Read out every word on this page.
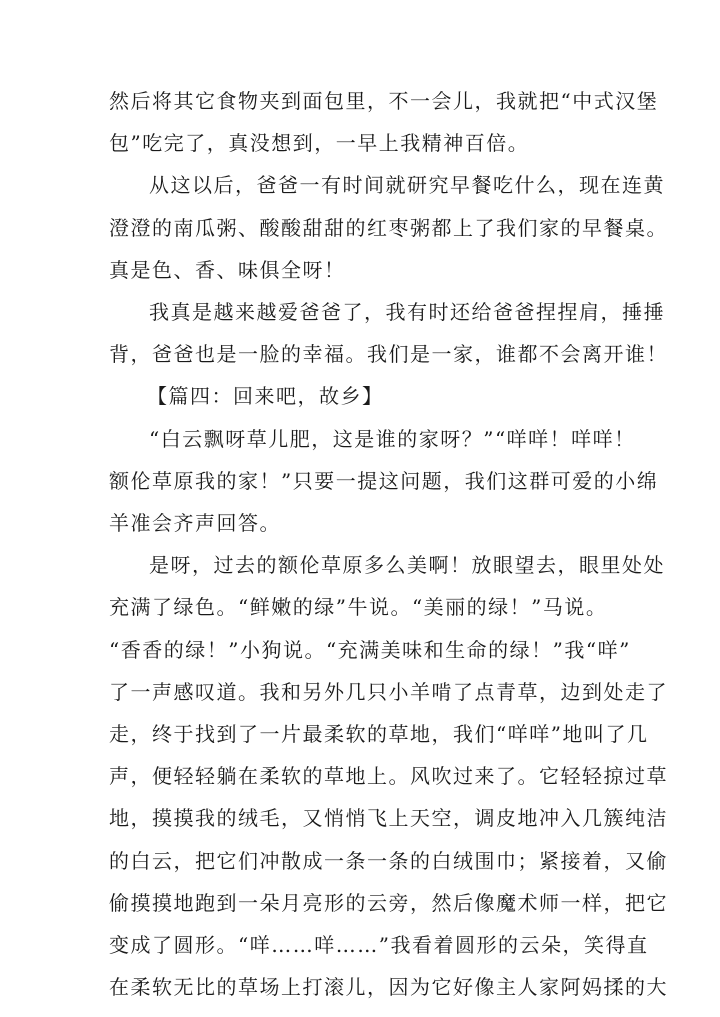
然后将其它食物夹到面包里，不一会儿，我就把“中式汉堡
包”吃完了，真没想到，一早上我精神百倍。
从这以后，爸爸一有时间就研究早餐吃什么，现在连黄
澄澄的南瓜粥、酸酸甜甜的红枣粥都上了我们家的早餐桌。
真是色、香、味俱全呀！
我真是越来越爱爸爸了，我有时还给爸爸捏捏肩，捶捶
背，爸爸也是一脸的幸福。我们是一家，谁都不会离开谁！
【篇四：回来吧，故乡】
“白云飘呀草儿肥，这是谁的家呀？”“咩咩！咩咩！
额伦草原我的家！”只要一提这问题，我们这群可爱的小绵
羊准会齐声回答。
是呀，过去的额伦草原多么美啊！放眼望去，眼里处处
充满了绿色。“鲜嫩的绿”牛说。“美丽的绿！”马说。
“香香的绿！”小狗说。“充满美味和生命的绿！”我“咩”
了一声感叹道。我和另外几只小羊啃了点青草，边到处走了
走，终于找到了一片最柔软的草地，我们“咩咩”地叫了几
声，便轻轻躺在柔软的草地上。风吹过来了。它轻轻掠过草
地，摸摸我的绒毛，又悄悄飞上天空，调皮地冲入几簇纯洁
的白云，把它们冲散成一条一条的白绒围巾；紧接着，又偷
偷摸摸地跑到一朵月亮形的云旁，然后像魔术师一样，把它
变成了圆形。“咩……咩……”我看着圆形的云朵，笑得直
在柔软无比的草场上打滚儿，因为它好像主人家阿妈揉的大
